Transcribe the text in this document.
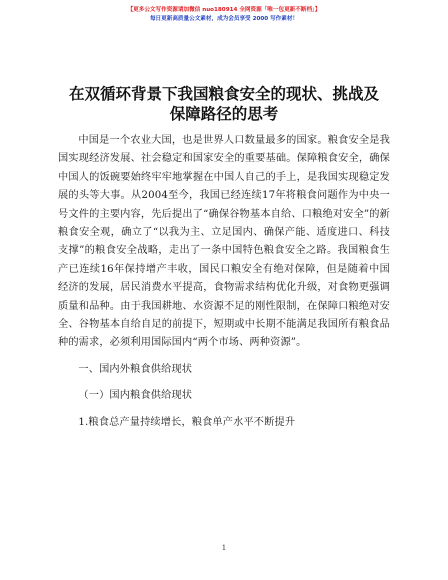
【更多公文写作资源请加微信 nuo180914 全网资源「唯一包更新不断档」】
每日更新高质量公文素材，成为会员享受 2000 写作素材！
在双循环背景下我国粮食安全的现状、挑战及
保障路径的思考

中国是一个农业大国，也是世界人口数量最多的国家。粮食安全是我国实现经济发展、社会稳定和国家安全的重要基础。保障粮食安全，确保中国人的饭碗要始终牢牢地掌握在中国人自己的手上，是我国实现稳定发展的头等大事。从2004至今，我国已经连续17年将粮食问题作为中央一号文件的主要内容，先后提出了“确保谷物基本自给、口粮绝对安全”的新粮食安全观，确立了“以我为主、立足国内、确保产能、适度进口、科技支撑”的粮食安全战略，走出了一条中国特色粮食安全之路。我国粮食生产已连续16年保持增产丰收，国民口粮安全有绝对保障，但是随着中国经济的发展，居民消费水平提高，食物需求结构优化升级，对食物更强调质量和品种。由于我国耕地、水资源不足的刚性限制，在保障口粮绝对安全、谷物基本自给自足的前提下，短期或中长期不能满足我国所有粮食品种的需求，必须利用国际国内“两个市场、两种资源”。

一、国内外粮食供给现状

（一）国内粮食供给现状

1.粮食总产量持续增长，粮食单产水平不断提升

1
